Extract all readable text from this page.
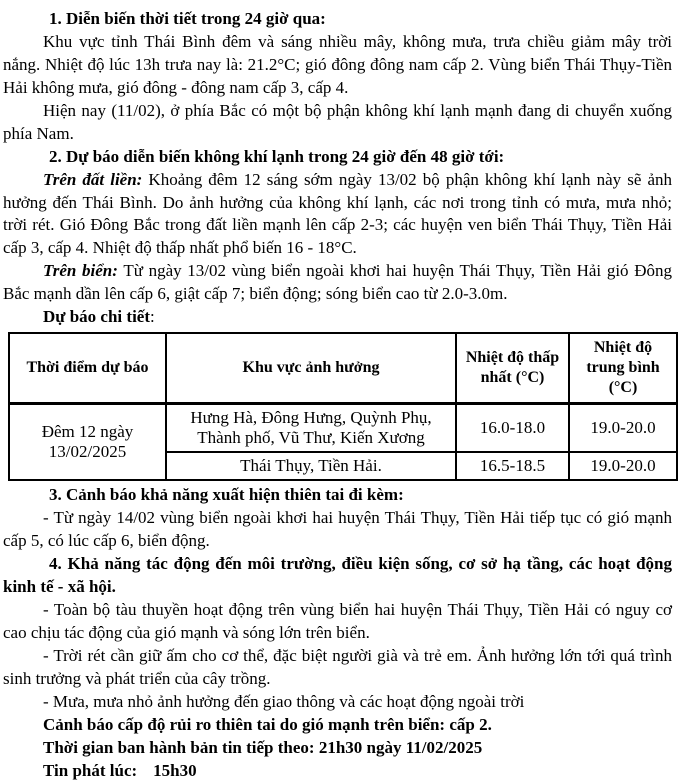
1. Diễn biến thời tiết trong 24 giờ qua:

Khu vực tỉnh Thái Bình đêm và sáng nhiều mây, không mưa, trưa chiều giảm mây trời nắng. Nhiệt độ lúc 13h trưa nay là: 21.2°C; gió đông đông nam cấp 2. Vùng biển Thái Thụy-Tiền Hải không mưa, gió đông - đông nam cấp 3, cấp 4.

Hiện nay (11/02), ở phía Bắc có một bộ phận không khí lạnh mạnh đang di chuyển xuống phía Nam.

2. Dự báo diễn biến không khí lạnh trong 24 giờ đến 48 giờ tới:

Trên đất liền: Khoảng đêm 12 sáng sớm ngày 13/02 bộ phận không khí lạnh này sẽ ảnh hưởng đến Thái Bình. Do ảnh hưởng của không khí lạnh, các nơi trong tỉnh có mưa, mưa nhỏ; trời rét. Gió Đông Bắc trong đất liền mạnh lên cấp 2-3; các huyện ven biển Thái Thụy, Tiền Hải cấp 3, cấp 4. Nhiệt độ thấp nhất phổ biến 16 - 18°C.

Trên biển: Từ ngày 13/02 vùng biển ngoài khơi hai huyện Thái Thụy, Tiền Hải gió Đông Bắc mạnh dần lên cấp 6, giật cấp 7; biển động; sóng biển cao từ 2.0-3.0m.

Dự báo chi tiết:

Thời điểm dự báo	Khu vực ảnh hưởng	Nhiệt độ thấp nhất (°C)	Nhiệt độ trung bình (°C)
Đêm 12 ngày 13/02/2025	Hưng Hà, Đông Hưng, Quỳnh Phụ, Thành phố, Vũ Thư, Kiến Xương	16.0-18.0	19.0-20.0
	Thái Thụy, Tiền Hải.	16.5-18.5	19.0-20.0

3. Cảnh báo khả năng xuất hiện thiên tai đi kèm:

- Từ ngày 14/02 vùng biển ngoài khơi hai huyện Thái Thụy, Tiền Hải tiếp tục có gió mạnh cấp 5, có lúc cấp 6, biển động.

4. Khả năng tác động đến môi trường, điều kiện sống, cơ sở hạ tầng, các hoạt động kinh tế - xã hội.

- Toàn bộ tàu thuyền hoạt động trên vùng biển hai huyện Thái Thụy, Tiền Hải có nguy cơ cao chịu tác động của gió mạnh và sóng lớn trên biển.

- Trời rét cần giữ ấm cho cơ thể, đặc biệt người già và trẻ em. Ảnh hưởng lớn tới quá trình sinh trưởng và phát triển của cây trồng.

- Mưa, mưa nhỏ ảnh hưởng đến giao thông và các hoạt động ngoài trời

Cảnh báo cấp độ rủi ro thiên tai do gió mạnh trên biển: cấp 2.

Thời gian ban hành bản tin tiếp theo: 21h30 ngày 11/02/2025

Tin phát lúc: 15h30
